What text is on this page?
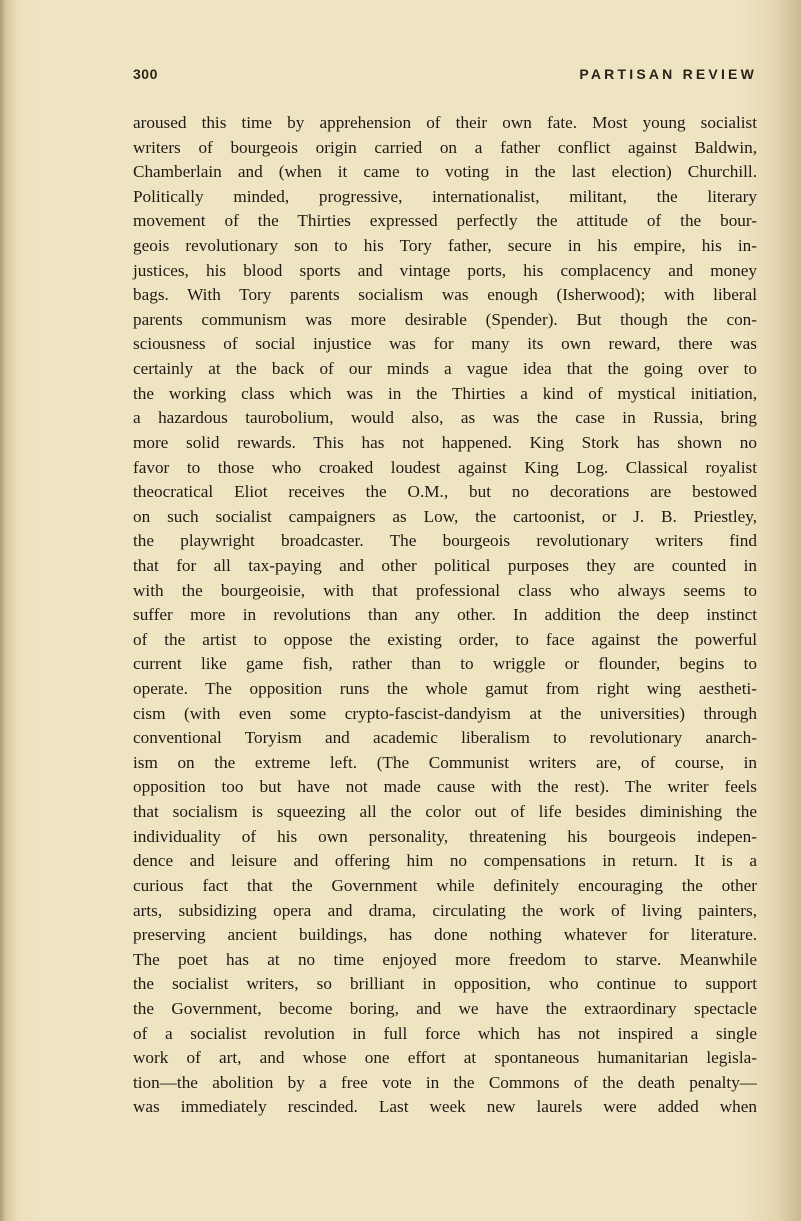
300	PARTISAN REVIEW
aroused this time by apprehension of their own fate. Most young socialist
writers of bourgeois origin carried on a father conflict against Baldwin,
Chamberlain and (when it came to voting in the last election) Churchill.
Politically minded, progressive, internationalist, militant, the literary
movement of the Thirties expressed perfectly the attitude of the bour-
geois revolutionary son to his Tory father, secure in his empire, his in-
justices, his blood sports and vintage ports, his complacency and money
bags. With Tory parents socialism was enough (Isherwood); with liberal
parents communism was more desirable (Spender). But though the con-
sciousness of social injustice was for many its own reward, there was
certainly at the back of our minds a vague idea that the going over to
the working class which was in the Thirties a kind of mystical initiation,
a hazardous taurobolium, would also, as was the case in Russia, bring
more solid rewards. This has not happened. King Stork has shown no
favor to those who croaked loudest against King Log. Classical royalist
theocratical Eliot receives the O.M., but no decorations are bestowed
on such socialist campaigners as Low, the cartoonist, or J. B. Priestley,
the playwright broadcaster. The bourgeois revolutionary writers find
that for all tax-paying and other political purposes they are counted in
with the bourgeoisie, with that professional class who always seems to
suffer more in revolutions than any other. In addition the deep instinct
of the artist to oppose the existing order, to face against the powerful
current like game fish, rather than to wriggle or flounder, begins to
operate. The opposition runs the whole gamut from right wing aestheti-
cism (with even some crypto-fascist-dandyism at the universities) through
conventional Toryism and academic liberalism to revolutionary anarch-
ism on the extreme left. (The Communist writers are, of course, in
opposition too but have not made cause with the rest). The writer feels
that socialism is squeezing all the color out of life besides diminishing the
individuality of his own personality, threatening his bourgeois indepen-
dence and leisure and offering him no compensations in return. It is a
curious fact that the Government while definitely encouraging the other
arts, subsidizing opera and drama, circulating the work of living painters,
preserving ancient buildings, has done nothing whatever for literature.
The poet has at no time enjoyed more freedom to starve. Meanwhile
the socialist writers, so brilliant in opposition, who continue to support
the Government, become boring, and we have the extraordinary spectacle
of a socialist revolution in full force which has not inspired a single
work of art, and whose one effort at spontaneous humanitarian legisla-
tion—the abolition by a free vote in the Commons of the death penalty—
was immediately rescinded. Last week new laurels were added when
